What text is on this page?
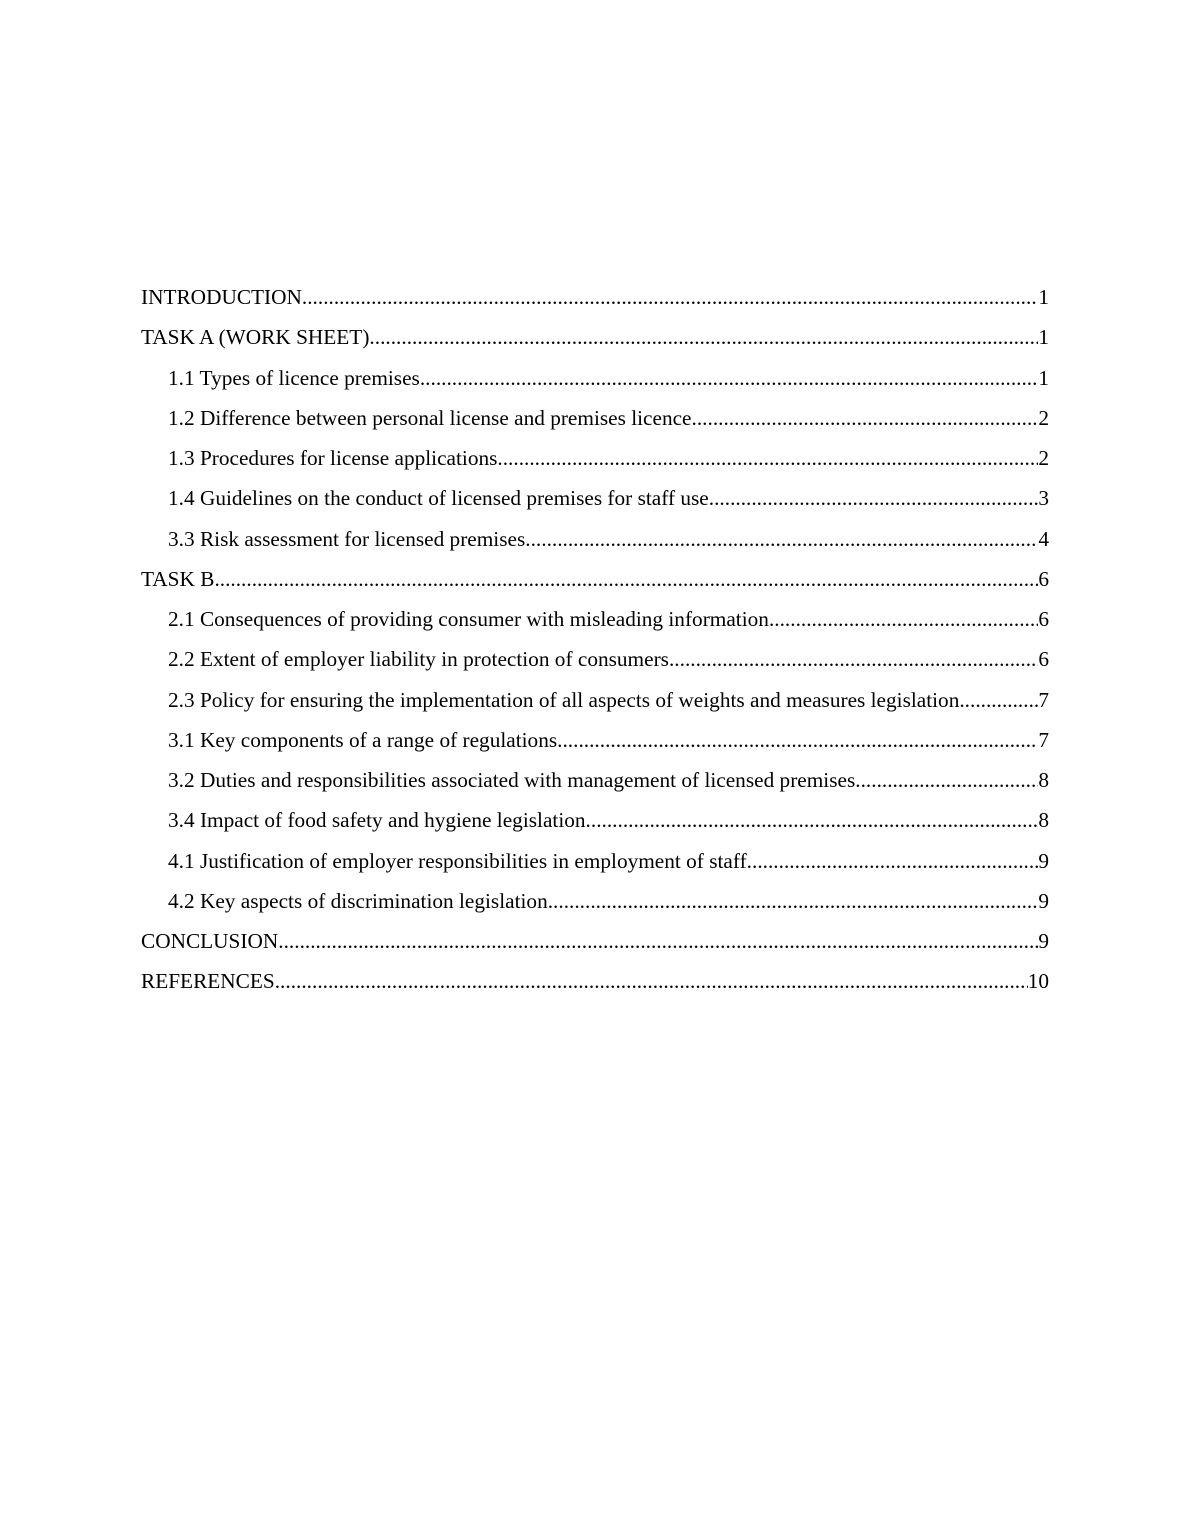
INTRODUCTION .....	1
TASK A (WORK SHEET) .....	1
1.1 Types of licence premises .....	1
1.2 Difference between personal license and premises licence .....	2
1.3 Procedures for license applications .....	2
1.4 Guidelines on the conduct of licensed premises for staff use .....	3
3.3 Risk assessment for licensed premises .....	4
TASK B .....	6
2.1 Consequences of providing consumer with misleading information .....	6
2.2 Extent of employer liability in protection of consumers .....	6
2.3 Policy for ensuring the implementation of all aspects of weights and measures legislation .....	7
3.1 Key components of a range of regulations .....	7
3.2 Duties and responsibilities associated with management of licensed premises .....	8
3.4 Impact of food safety and hygiene legislation .....	8
4.1 Justification of employer responsibilities in employment of staff .....	9
4.2 Key aspects of discrimination legislation .....	9
CONCLUSION .....	9
REFERENCES .....	10
